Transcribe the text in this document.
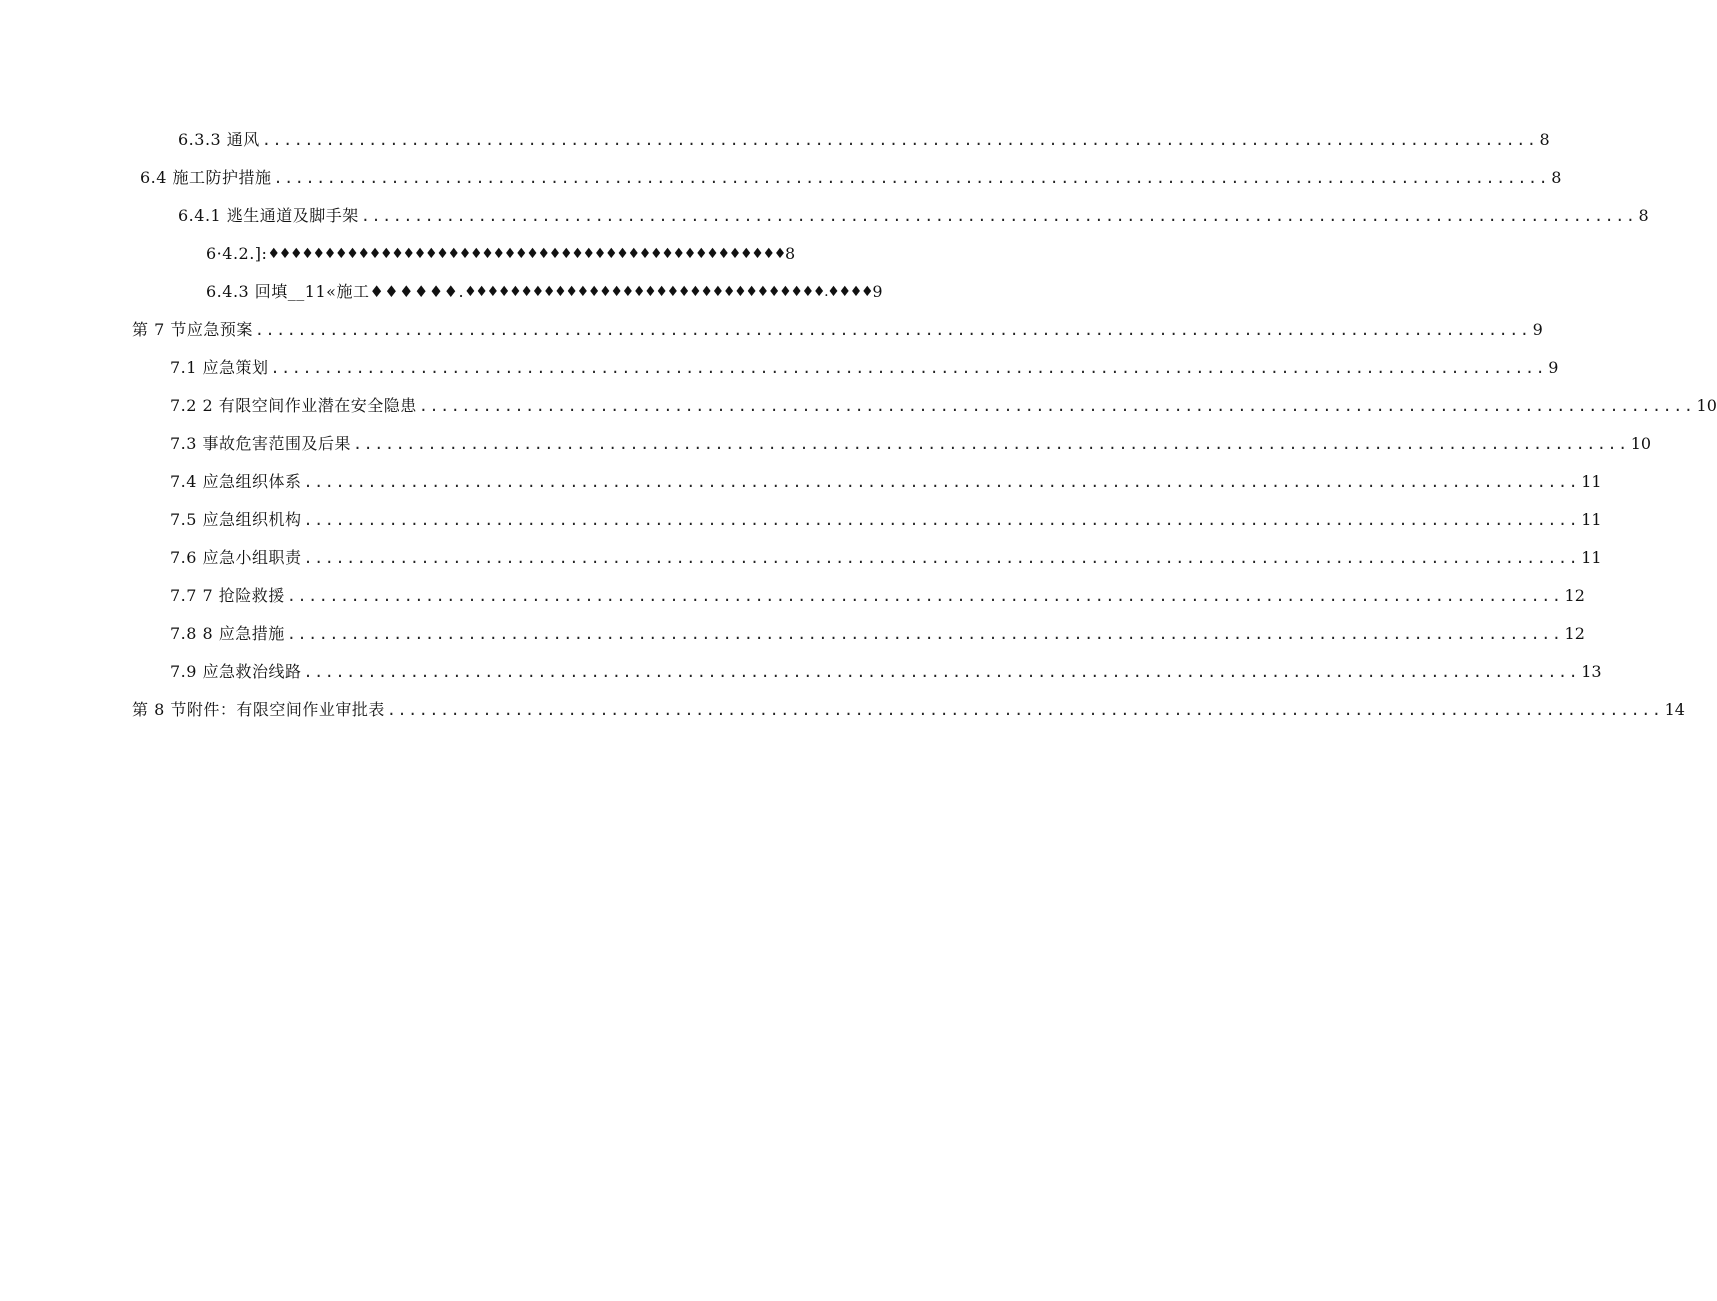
6.3.3 通风 ........................................................................................................................ 8
6.4 施工防护措施 ........................................................................................................................ 8
6.4.1 逃生通道及脚手架 ........................................................................................................................ 8
6·4.2 .]: ♦♦♦♦♦♦♦♦♦♦♦♦♦♦♦♦♦♦♦♦♦♦♦♦♦♦♦♦♦♦♦♦♦♦♦♦♦♦♦♦♦♦♦♦♦♦ 8
6. 4.3 回填__11«施工♦♦♦♦♦♦. ♦♦♦♦♦♦♦♦♦♦♦♦♦♦♦♦♦♦♦♦♦♦♦♦♦♦♦♦♦♦♦♦. ♦♦♦♦ 9
第 7 节应急预案 ........................................................................................................................ 9
7.1 应急策划 ........................................................................................................................ 9
7.2 2 有限空间作业潜在安全隐患 ........................................................................................................................ 10
7.3 事故危害范围及后果 ........................................................................................................................ 10
7.4 应急组织体系 ........................................................................................................................ 11
7.5 应急组织机构 ........................................................................................................................ 11
7.6 应急小组职责 ........................................................................................................................ 11
7.7 7 抢险救援 ........................................................................................................................ 12
7.8 8 应急措施 ........................................................................................................................ 12
7.9 应急救治线路 ........................................................................................................................ 13
第 8 节附件：有限空间作业审批表 ........................................................................................................................ 14
